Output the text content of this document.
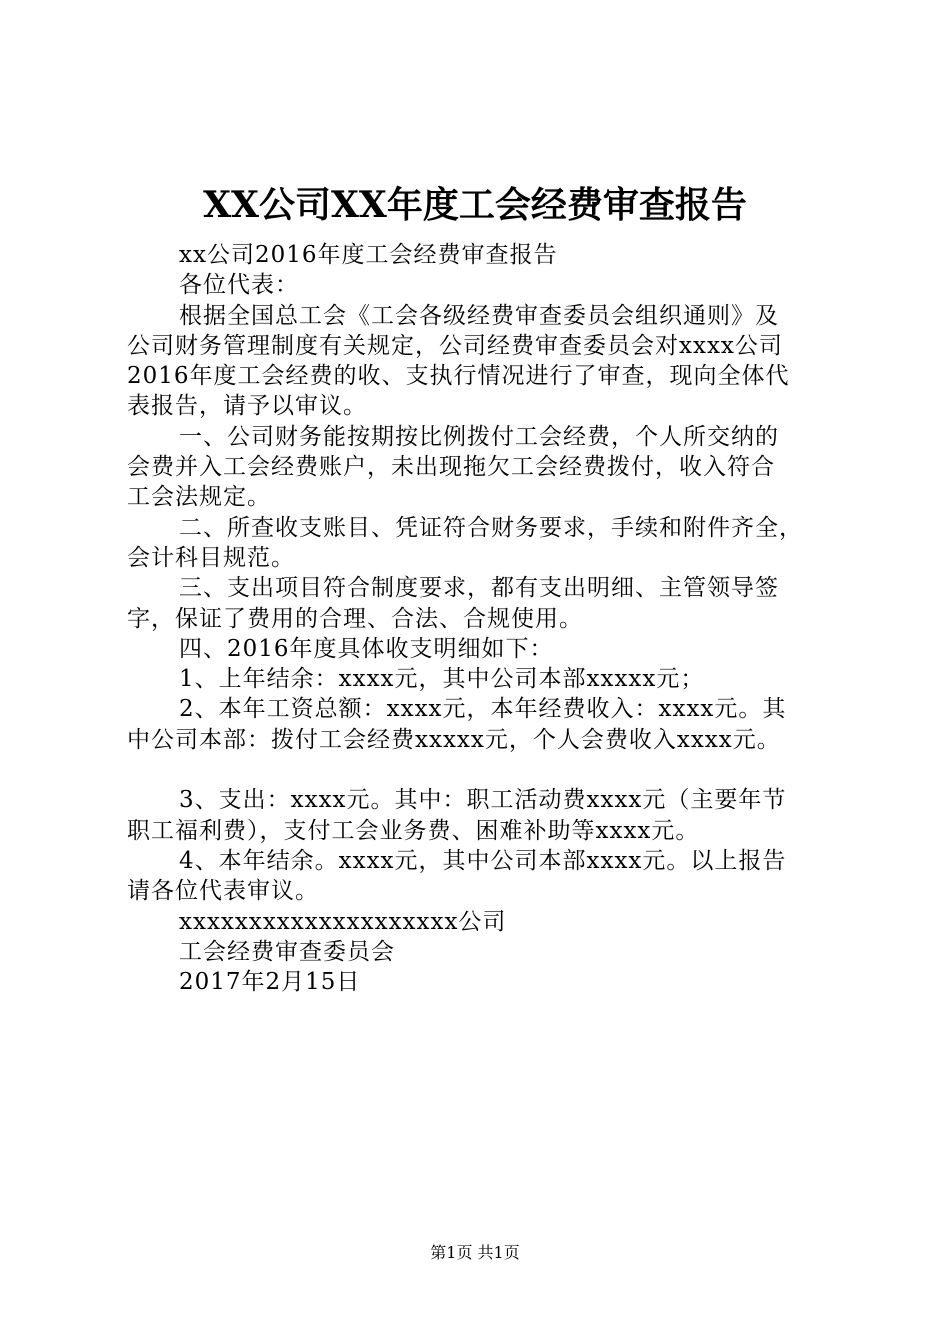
XX公司XX年度工会经费审查报告
xx公司2016年度工会经费审查报告
各位代表：
根据全国总工会《工会各级经费审查委员会组织通则》及
公司财务管理制度有关规定，公司经费审查委员会对xxxx公司
2016年度工会经费的收、支执行情况进行了审查，现向全体代
表报告，请予以审议。
一、公司财务能按期按比例拨付工会经费，个人所交纳的
会费并入工会经费账户，未出现拖欠工会经费拨付，收入符合
工会法规定。
二、所查收支账目、凭证符合财务要求，手续和附件齐全，
会计科目规范。
三、支出项目符合制度要求，都有支出明细、主管领导签
字，保证了费用的合理、合法、合规使用。
四、2016年度具体收支明细如下：
1、上年结余：xxxx元，其中公司本部xxxxx元；
2、本年工资总额：xxxx元，本年经费收入：xxxx元。其
中公司本部：拨付工会经费xxxxx元，个人会费收入xxxx元。
3、支出：xxxx元。其中：职工活动费xxxx元（主要年节
职工福利费），支付工会业务费、困难补助等xxxx元。
4、本年结余。xxxx元，其中公司本部xxxx元。以上报告
请各位代表审议。
xxxxxxxxxxxxxxxxxxxx公司
工会经费审查委员会
2017年2月15日
第1页 共1页
